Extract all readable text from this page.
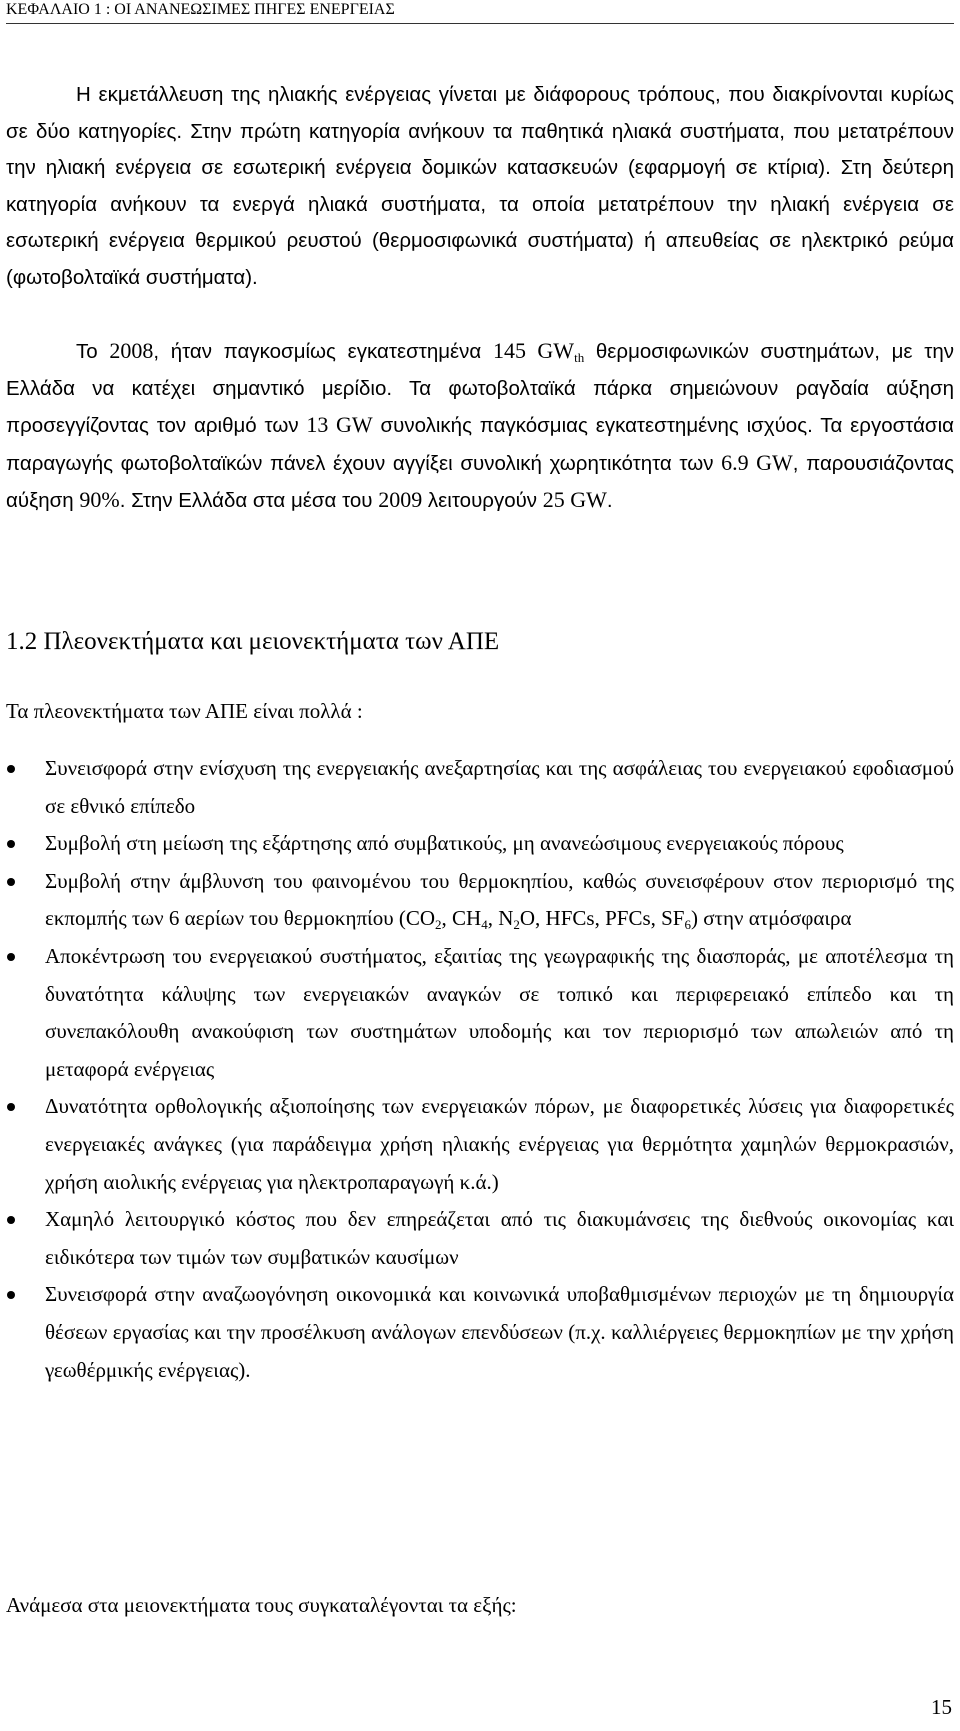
ΚΕΦΑΛΑΙΟ 1 : ΟΙ ΑΝΑΝΕΩΣΙΜΕΣ ΠΗΓΕΣ ΕΝΕΡΓΕΙΑΣ

Η εκμετάλλευση της ηλιακής ενέργειας γίνεται με διάφορους τρόπους, που διακρίνονται κυρίως σε δύο κατηγορίες. Στην πρώτη κατηγορία ανήκουν τα παθητικά ηλιακά συστήματα, που μετατρέπουν την ηλιακή ενέργεια σε εσωτερική ενέργεια δομικών κατασκευών (εφαρμογή σε κτίρια). Στη δεύτερη κατηγορία ανήκουν τα ενεργά ηλιακά συστήματα, τα οποία μετατρέπουν την ηλιακή ενέργεια σε εσωτερική ενέργεια θερμικού ρευστού (θερμοσιφωνικά συστήματα) ή απευθείας σε ηλεκτρικό ρεύμα (φωτοβολταϊκά συστήματα).

Το 2008, ήταν παγκοσμίως εγκατεστημένα 145 $GW_{th}$ θερμοσιφωνικών συστημάτων, με την Ελλάδα να κατέχει σημαντικό μερίδιο. Τα φωτοβολταϊκά πάρκα σημειώνουν ραγδαία αύξηση προσεγγίζοντας τον αριθμό των 13 GW συνολικής παγκόσμιας εγκατεστημένης ισχύος. Τα εργοστάσια παραγωγής φωτοβολταϊκών πάνελ έχουν αγγίξει συνολική χωρητικότητα των 6.9 GW, παρουσιάζοντας αύξηση 90%. Στην Ελλάδα στα μέσα του 2009 λειτουργούν 25 GW.

1.2 Πλεονεκτήματα και μειονεκτήματα των ΑΠΕ

Τα πλεονεκτήματα των ΑΠΕ είναι πολλά :

Συνεισφορά στην ενίσχυση της ενεργειακής ανεξαρτησίας και της ασφάλειας του ενεργειακού εφοδιασμού σε εθνικό επίπεδο
Συμβολή στη μείωση της εξάρτησης από συμβατικούς, μη ανανεώσιμους ενεργειακούς πόρους
Συμβολή στην άμβλυνση του φαινομένου του θερμοκηπίου, καθώς συνεισφέρουν στον περιορισμό της εκπομπής των 6 αερίων του θερμοκηπίου ($CO_2$, $CH_4$, $N_2O$, HFCs, PFCs, $SF_6$) στην ατμόσφαιρα
Αποκέντρωση του ενεργειακού συστήματος, εξαιτίας της γεωγραφικής της διασποράς, με αποτέλεσμα τη δυνατότητα κάλυψης των ενεργειακών αναγκών σε τοπικό και περιφερειακό επίπεδο και τη συνεπακόλουθη ανακούφιση των συστημάτων υποδομής και τον περιορισμό των απωλειών από τη μεταφορά ενέργειας
Δυνατότητα ορθολογικής αξιοποίησης των ενεργειακών πόρων, με διαφορετικές λύσεις για διαφορετικές ενεργειακές ανάγκες (για παράδειγμα χρήση ηλιακής ενέργειας για θερμότητα χαμηλών θερμοκρασιών, χρήση αιολικής ενέργειας για ηλεκτροπαραγωγή κ.ά.)
Χαμηλό λειτουργικό κόστος που δεν επηρεάζεται από τις διακυμάνσεις της διεθνούς οικονομίας και ειδικότερα των τιμών των συμβατικών καυσίμων
Συνεισφορά στην αναζωογόνηση οικονομικά και κοινωνικά υποβαθμισμένων περιοχών με τη δημιουργία θέσεων εργασίας και την προσέλκυση ανάλογων επενδύσεων (π.χ. καλλιέργειες θερμοκηπίων με την χρήση γεωθέρμικής ενέργειας).

Ανάμεσα στα μειονεκτήματα τους συγκαταλέγονται τα εξής:

15
